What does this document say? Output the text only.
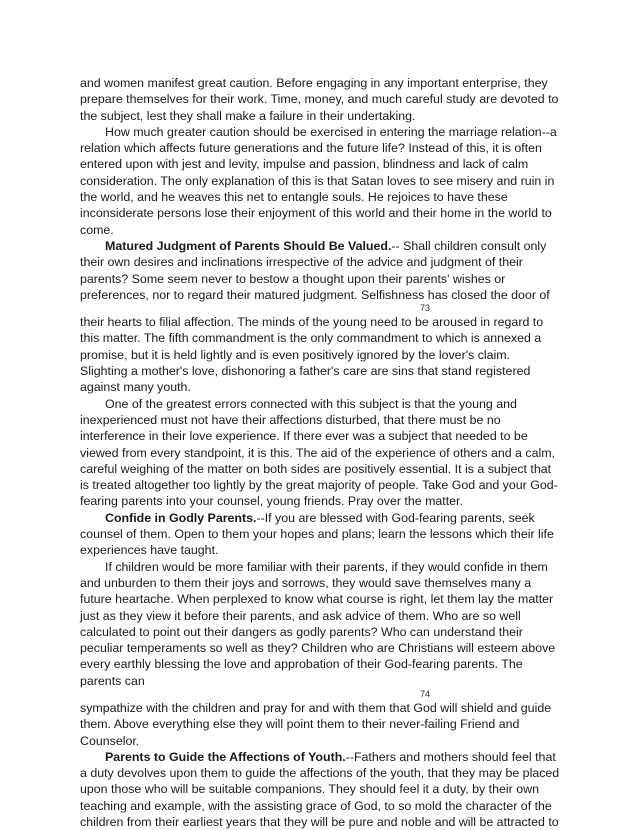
and women manifest great caution. Before engaging in any important enterprise, they prepare themselves for their work. Time, money, and much careful study are devoted to the subject, lest they shall make a failure in their undertaking.

How much greater caution should be exercised in entering the marriage relation--a relation which affects future generations and the future life? Instead of this, it is often entered upon with jest and levity, impulse and passion, blindness and lack of calm consideration. The only explanation of this is that Satan loves to see misery and ruin in the world, and he weaves this net to entangle souls. He rejoices to have these inconsiderate persons lose their enjoyment of this world and their home in the world to come.

Matured Judgment of Parents Should Be Valued.-- Shall children consult only their own desires and inclinations irrespective of the advice and judgment of their parents? Some seem never to bestow a thought upon their parents' wishes or preferences, nor to regard their matured judgment. Selfishness has closed the door of

73

their hearts to filial affection. The minds of the young need to be aroused in regard to this matter. The fifth commandment is the only commandment to which is annexed a promise, but it is held lightly and is even positively ignored by the lover's claim. Slighting a mother's love, dishonoring a father's care are sins that stand registered against many youth.

One of the greatest errors connected with this subject is that the young and inexperienced must not have their affections disturbed, that there must be no interference in their love experience. If there ever was a subject that needed to be viewed from every standpoint, it is this. The aid of the experience of others and a calm, careful weighing of the matter on both sides are positively essential. It is a subject that is treated altogether too lightly by the great majority of people. Take God and your God-fearing parents into your counsel, young friends. Pray over the matter.

Confide in Godly Parents.--If you are blessed with God-fearing parents, seek counsel of them. Open to them your hopes and plans; learn the lessons which their life experiences have taught.

If children would be more familiar with their parents, if they would confide in them and unburden to them their joys and sorrows, they would save themselves many a future heartache. When perplexed to know what course is right, let them lay the matter just as they view it before their parents, and ask advice of them. Who are so well calculated to point out their dangers as godly parents? Who can understand their peculiar temperaments so well as they? Children who are Christians will esteem above every earthly blessing the love and approbation of their God-fearing parents. The parents can

74

sympathize with the children and pray for and with them that God will shield and guide them. Above everything else they will point them to their never-failing Friend and Counselor.

Parents to Guide the Affections of Youth.--Fathers and mothers should feel that a duty devolves upon them to guide the affections of the youth, that they may be placed upon those who will be suitable companions. They should feel it a duty, by their own teaching and example, with the assisting grace of God, to so mold the character of the children from their earliest years that they will be pure and noble and will be attracted to
